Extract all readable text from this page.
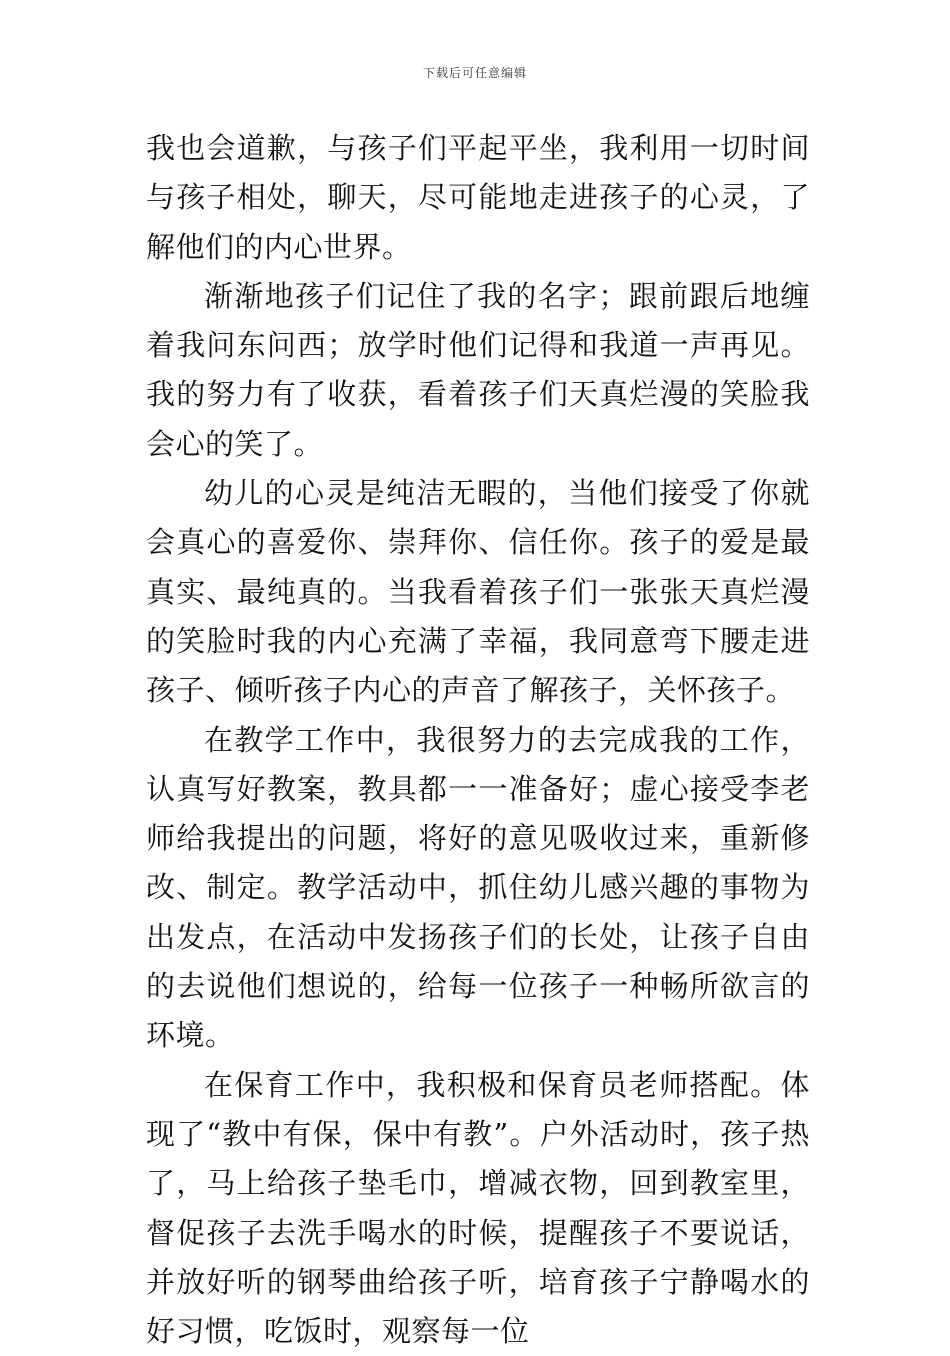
下载后可任意编辑

我也会道歉，与孩子们平起平坐，我利用一切时间与孩子相处，聊天，尽可能地走进孩子的心灵，了解他们的内心世界。

渐渐地孩子们记住了我的名字；跟前跟后地缠着我问东问西；放学时他们记得和我道一声再见。我的努力有了收获，看着孩子们天真烂漫的笑脸我会心的笑了。

幼儿的心灵是纯洁无暇的，当他们接受了你就会真心的喜爱你、崇拜你、信任你。孩子的爱是最真实、最纯真的。当我看着孩子们一张张天真烂漫的笑脸时我的内心充满了幸福，我同意弯下腰走进孩子、倾听孩子内心的声音了解孩子，关怀孩子。

在教学工作中，我很努力的去完成我的工作，认真写好教案，教具都一一准备好；虚心接受李老师给我提出的问题，将好的意见吸收过来，重新修改、制定。教学活动中，抓住幼儿感兴趣的事物为出发点，在活动中发扬孩子们的长处，让孩子自由的去说他们想说的，给每一位孩子一种畅所欲言的环境。

在保育工作中，我积极和保育员老师搭配。体现了“教中有保，保中有教”。户外活动时，孩子热了，马上给孩子垫毛巾，增减衣物，回到教室里，督促孩子去洗手喝水的时候，提醒孩子不要说话，并放好听的钢琴曲给孩子听，培育孩子宁静喝水的好习惯，吃饭时，观察每一位
